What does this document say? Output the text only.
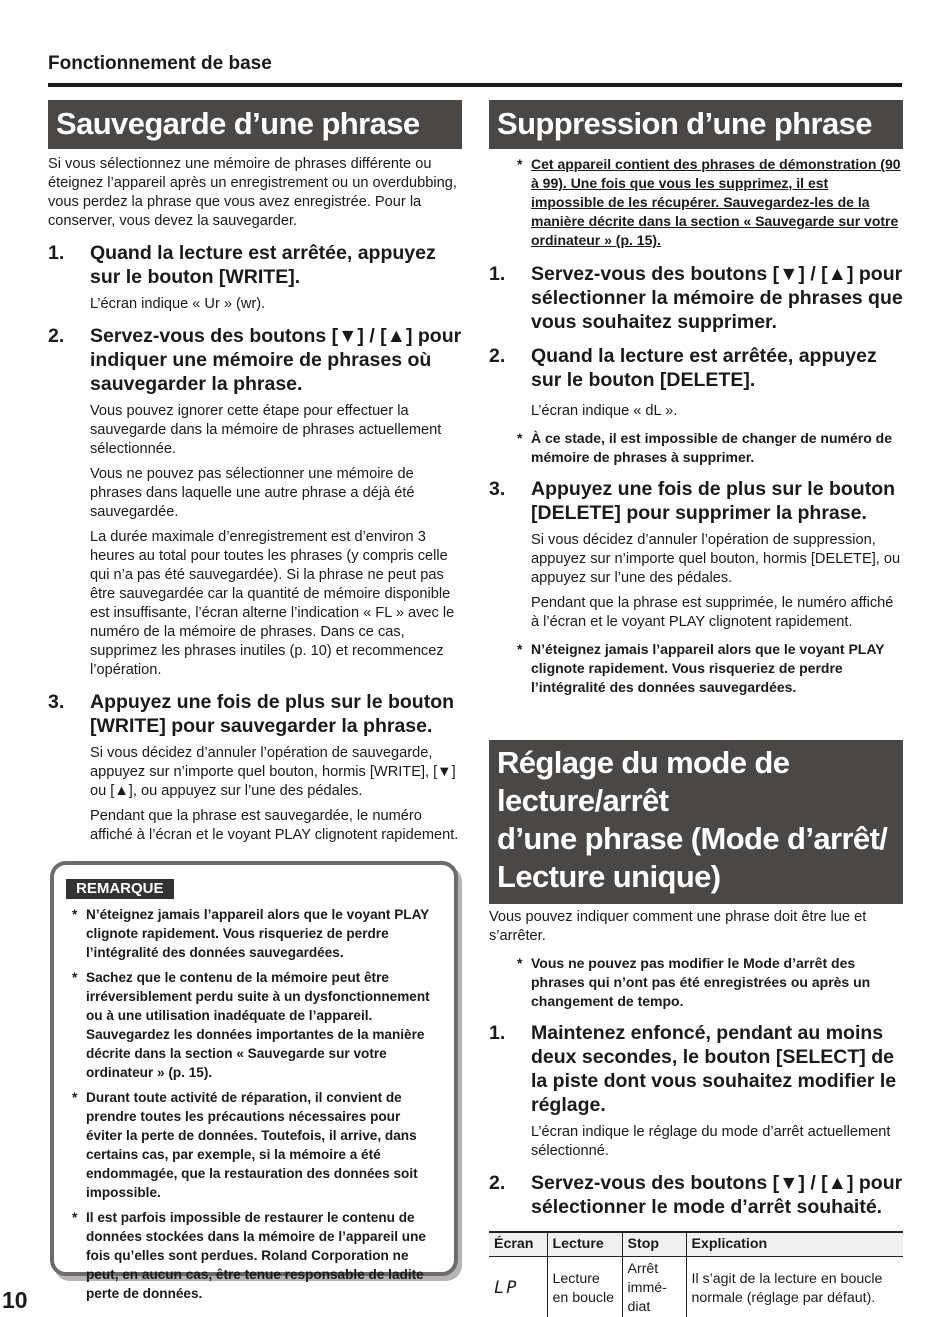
Fonctionnement de base
Sauvegarde d’une phrase

Si vous sélectionnez une mémoire de phrases différente ou éteignez l’appareil après un enregistrement ou un overdubbing, vous perdez la phrase que vous avez enregistrée. Pour la conserver, vous devez la sauvegarder.

1.	Quand la lecture est arrêtée, appuyez sur le bouton [WRITE].

L’écran indique « Ur » (wr).

2.	Servez-vous des boutons [▼] / [▲] pour indiquer une mémoire de phrases où sauvegarder la phrase.

Vous pouvez ignorer cette étape pour effectuer la sauvegarde dans la mémoire de phrases actuellement sélectionnée.

Vous ne pouvez pas sélectionner une mémoire de phrases dans laquelle une autre phrase a déjà été sauvegardée.

La durée maximale d’enregistrement est d’environ 3 heures au total pour toutes les phrases (y compris celle qui n’a pas été sauvegardée). Si la phrase ne peut pas être sauvegardée car la quantité de mémoire disponible est insuffisante, l’écran alterne l’indication « FL » avec le numéro de la mémoire de phrases. Dans ce cas, supprimez les phrases inutiles (p. 10) et recommencez l’opération.

3.	Appuyez une fois de plus sur le bouton [WRITE] pour sauvegarder la phrase.

Si vous décidez d’annuler l’opération de sauvegarde, appuyez sur n’importe quel bouton, hormis [WRITE], [▼] ou [▲], ou appuyez sur l’une des pédales.

Pendant que la phrase est sauvegardée, le numéro affiché à l’écran et le voyant PLAY clignotent rapidement.

REMARQUE
* N’éteignez jamais l’appareil alors que le voyant PLAY clignote rapidement. Vous risqueriez de perdre l’intégralité des données sauvegardées.
* Sachez que le contenu de la mémoire peut être irréversiblement perdu suite à un dysfonctionnement ou à une utilisation inadéquate de l’appareil. Sauvegardez les données importantes de la manière décrite dans la section « Sauvegarde sur votre ordinateur » (p. 15).
* Durant toute activité de réparation, il convient de prendre toutes les précautions nécessaires pour éviter la perte de données. Toutefois, il arrive, dans certains cas, par exemple, si la mémoire a été endommagée, que la restauration des données soit impossible.
* Il est parfois impossible de restaurer le contenu de données stockées dans la mémoire de l’appareil une fois qu’elles sont perdues. Roland Corporation ne peut, en aucun cas, être tenue responsable de ladite perte de données.
Suppression d’une phrase
* Cet appareil contient des phrases de démonstration (90 à 99). Une fois que vous les supprimez, il est impossible de les récupérer. Sauvegardez-les de la manière décrite dans la section « Sauvegarde sur votre ordinateur » (p. 15).
1.	Servez-vous des boutons [▼] / [▲] pour sélectionner la mémoire de phrases que vous souhaitez supprimer.
2.	Quand la lecture est arrêtée, appuyez sur le bouton [DELETE].

L’écran indique « dL ».

* À ce stade, il est impossible de changer de numéro de mémoire de phrases à supprimer.
3.	Appuyez une fois de plus sur le bouton [DELETE] pour supprimer la phrase.

Si vous décidez d’annuler l’opération de suppression, appuyez sur n’importe quel bouton, hormis [DELETE], ou appuyez sur l’une des pédales.

Pendant que la phrase est supprimée, le numéro affiché à l’écran et le voyant PLAY clignotent rapidement.

* N’éteignez jamais l’appareil alors que le voyant PLAY clignote rapidement. Vous risqueriez de perdre l’intégralité des données sauvegardées.
Réglage du mode de lecture/arrêt
d’une phrase (Mode d’arrêt/
Lecture unique)

Vous pouvez indiquer comment une phrase doit être lue et s’arrêter.

* Vous ne pouvez pas modifier le Mode d’arrêt des phrases qui n’ont pas été enregistrées ou après un changement de tempo.
1.	Maintenez enfoncé, pendant au moins deux secondes, le bouton [SELECT] de la piste dont vous souhaitez modifier le réglage.

L’écran indique le réglage du mode d’arrêt actuellement sélectionné.

2.	Servez-vous des boutons [▼] / [▲] pour sélectionner le mode d’arrêt souhaité.
Écran	Lecture	Stop	Explication
LP	Lecture en boucle	Arrêt immé-diat	Il s’agit de la lecture en boucle normale (réglage par défaut).
10
